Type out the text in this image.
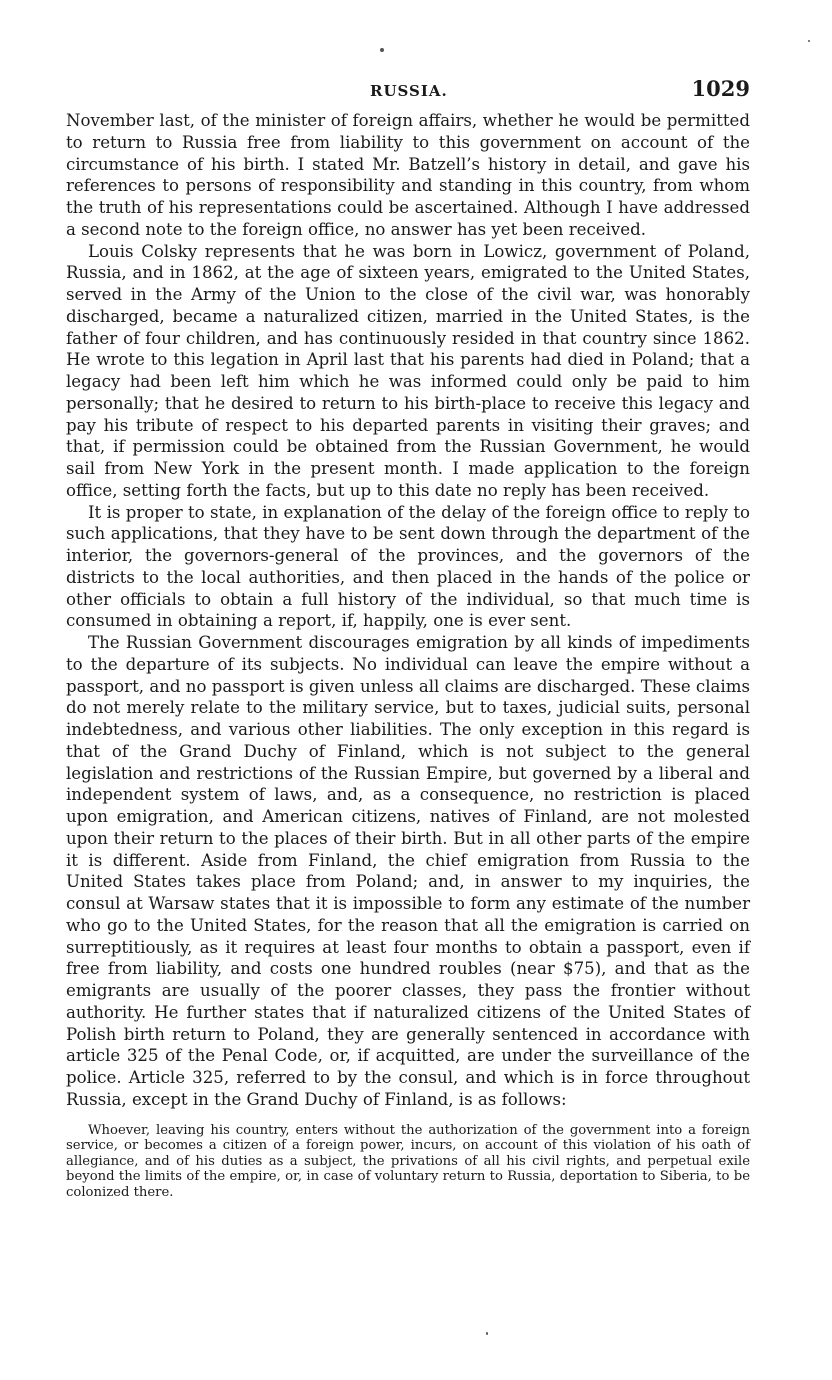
RUSSIA.	1029

November last, of the minister of foreign affairs, whether he would be permitted to return to Russia free from liability to this government on account of the circumstance of his birth. I stated Mr. Batzell’s history in detail, and gave his references to persons of responsibility and standing in this country, from whom the truth of his representations could be ascertained. Although I have addressed a second note to the foreign office, no answer has yet been received.

Louis Colsky represents that he was born in Lowicz, government of Poland, Russia, and in 1862, at the age of sixteen years, emigrated to the United States, served in the Army of the Union to the close of the civil war, was honorably discharged, became a naturalized citizen, married in the United States, is the father of four children, and has continuously resided in that country since 1862. He wrote to this legation in April last that his parents had died in Poland; that a legacy had been left him which he was informed could only be paid to him personally; that he desired to return to his birth-place to receive this legacy and pay his tribute of respect to his departed parents in visiting their graves; and that, if permission could be obtained from the Russian Government, he would sail from New York in the present month. I made application to the foreign office, setting forth the facts, but up to this date no reply has been received.

It is proper to state, in explanation of the delay of the foreign office to reply to such applications, that they have to be sent down through the department of the interior, the governors-general of the provinces, and the governors of the districts to the local authorities, and then placed in the hands of the police or other officials to obtain a full history of the individual, so that much time is consumed in obtaining a report, if, happily, one is ever sent.

The Russian Government discourages emigration by all kinds of impediments to the departure of its subjects. No individual can leave the empire without a passport, and no passport is given unless all claims are discharged. These claims do not merely relate to the military service, but to taxes, judicial suits, personal indebtedness, and various other liabilities. The only exception in this regard is that of the Grand Duchy of Finland, which is not subject to the general legislation and restrictions of the Russian Empire, but governed by a liberal and independent system of laws, and, as a consequence, no restriction is placed upon emigration, and American citizens, natives of Finland, are not molested upon their return to the places of their birth. But in all other parts of the empire it is different. Aside from Finland, the chief emigration from Russia to the United States takes place from Poland; and, in answer to my inquiries, the consul at Warsaw states that it is impossible to form any estimate of the number who go to the United States, for the reason that all the emigration is carried on surreptitiously, as it requires at least four months to obtain a passport, even if free from liability, and costs one hundred roubles (near $75), and that as the emigrants are usually of the poorer classes, they pass the frontier without authority. He further states that if naturalized citizens of the United States of Polish birth return to Poland, they are generally sentenced in accordance with article 325 of the Penal Code, or, if acquitted, are under the surveillance of the police. Article 325, referred to by the consul, and which is in force throughout Russia, except in the Grand Duchy of Finland, is as follows:

Whoever, leaving his country, enters without the authorization of the government into a foreign service, or becomes a citizen of a foreign power, incurs, on account of this violation of his oath of allegiance, and of his duties as a subject, the privations of all his civil rights, and perpetual exile beyond the limits of the empire, or, in case of voluntary return to Russia, deportation to Siberia, to be colonized there.
